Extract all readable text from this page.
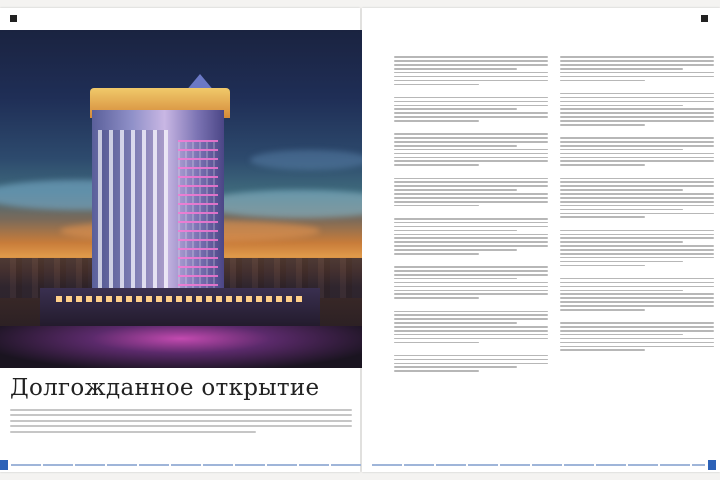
Долгожданное открытие
